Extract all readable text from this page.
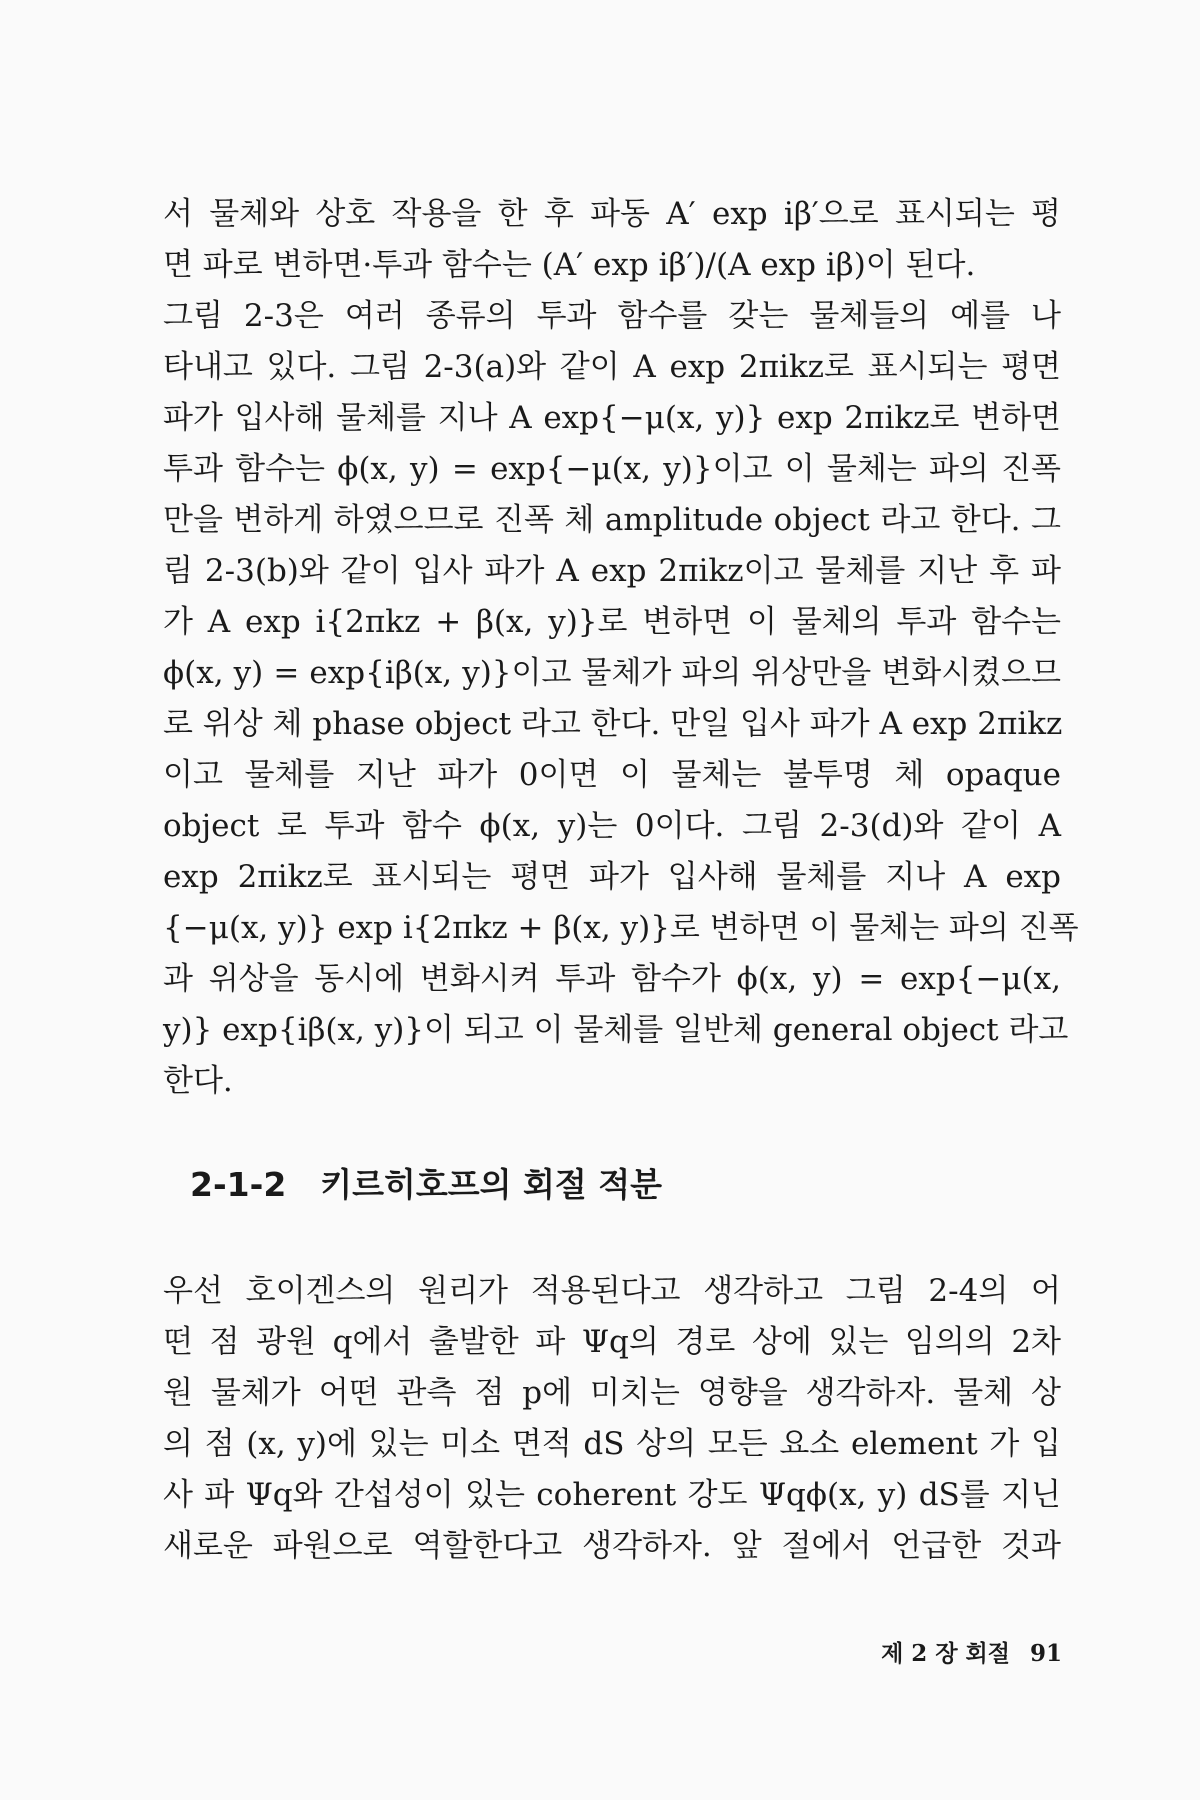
서 물체와 상호 작용을 한 후 파동 A′ exp iβ′으로 표시되는 평
면 파로 변하면·투과 함수는 (A′ exp iβ′)/(A exp iβ)이 된다.
그림 2-3은 여러 종류의 투과 함수를 갖는 물체들의 예를 나
타내고 있다. 그림 2-3(a)와 같이 A exp 2πikz로 표시되는 평면
파가 입사해 물체를 지나 A exp{−μ(x, y)} exp 2πikz로 변하면
투과 함수는 ϕ(x, y) = exp{−μ(x, y)}이고 이 물체는 파의 진폭
만을 변하게 하였으므로 진폭 체 amplitude object 라고 한다. 그
림 2-3(b)와 같이 입사 파가 A exp 2πikz이고 물체를 지난 후 파
가 A exp i{2πkz + β(x, y)}로 변하면 이 물체의 투과 함수는
ϕ(x, y) = exp{iβ(x, y)}이고 물체가 파의 위상만을 변화시켰으므
로 위상 체 phase object 라고 한다. 만일 입사 파가 A exp 2πikz
이고 물체를 지난 파가 0이면 이 물체는 불투명 체 opaque
object 로 투과 함수 ϕ(x, y)는 0이다. 그림 2-3(d)와 같이 A
exp 2πikz로 표시되는 평면 파가 입사해 물체를 지나 A exp
{−μ(x, y)} exp i{2πkz + β(x, y)}로 변하면 이 물체는 파의 진폭
과 위상을 동시에 변화시켜 투과 함수가 ϕ(x, y) = exp{−μ(x,
y)} exp{iβ(x, y)}이 되고 이 물체를 일반체 general object 라고
한다.
2-1-2 키르히호프의 회절 적분
우선 호이겐스의 원리가 적용된다고 생각하고 그림 2-4의 어
떤 점 광원 q에서 출발한 파 Ψq의 경로 상에 있는 임의의 2차
원 물체가 어떤 관측 점 p에 미치는 영향을 생각하자. 물체 상
의 점 (x, y)에 있는 미소 면적 dS 상의 모든 요소 element 가 입
사 파 Ψq와 간섭성이 있는 coherent 강도 Ψqϕ(x, y) dS를 지닌
새로운 파원으로 역할한다고 생각하자. 앞 절에서 언급한 것과
제 2 장 회절 91
